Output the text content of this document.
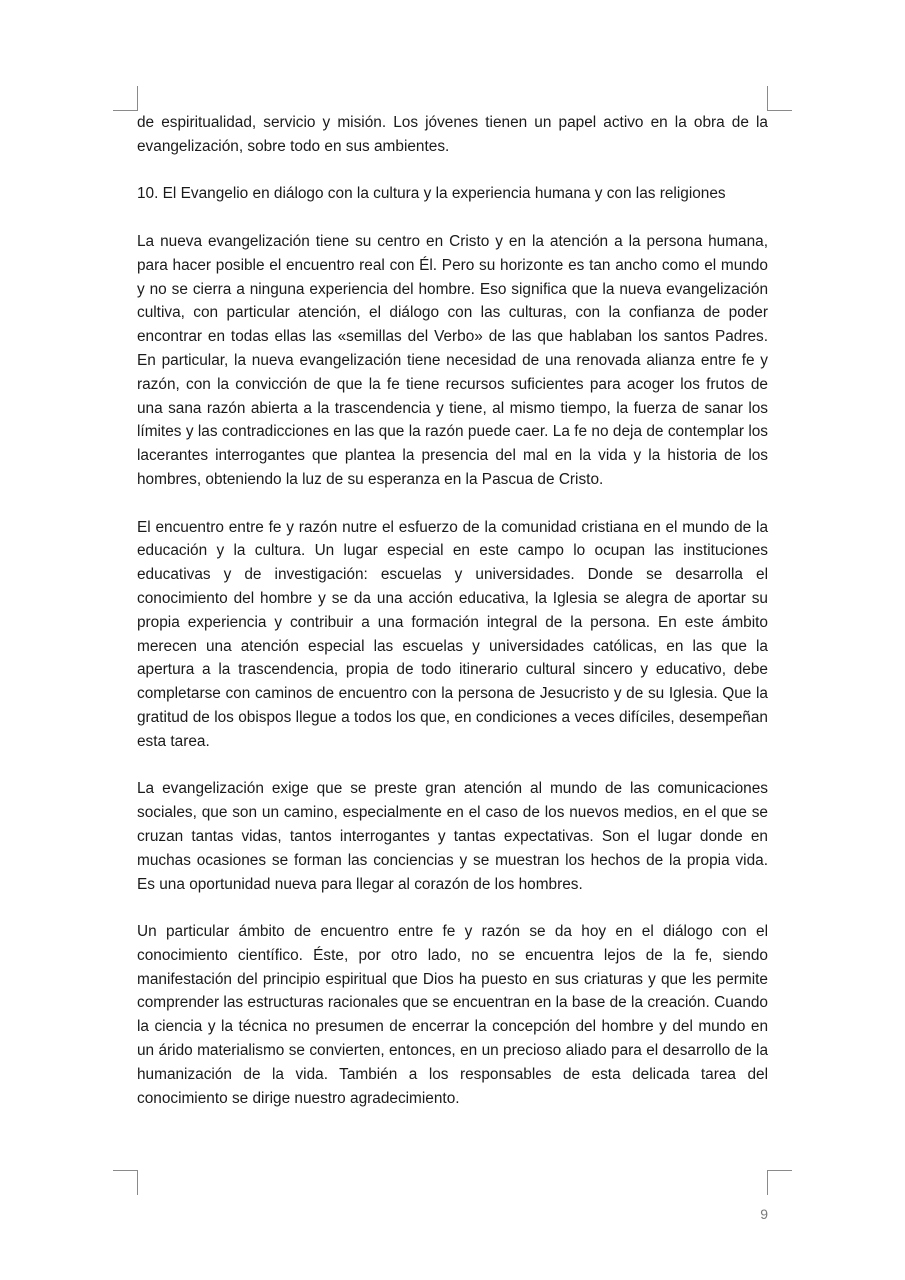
de espiritualidad, servicio y misión. Los jóvenes tienen un papel activo en la obra de la evangelización, sobre todo en sus ambientes.

10. El Evangelio en diálogo con la cultura y la experiencia humana y con las religiones

La nueva evangelización tiene su centro en Cristo y en la atención a la persona humana, para hacer posible el encuentro real con Él. Pero su horizonte es tan ancho como el mundo y no se cierra a ninguna experiencia del hombre. Eso significa que la nueva evangelización cultiva, con particular atención, el diálogo con las culturas, con la confianza de poder encontrar en todas ellas las «semillas del Verbo» de las que hablaban los santos Padres. En particular, la nueva evangelización tiene necesidad de una renovada alianza entre fe y razón, con la convicción de que la fe tiene recursos suficientes para acoger los frutos de una sana razón abierta a la trascendencia y tiene, al mismo tiempo, la fuerza de sanar los límites y las contradicciones en las que la razón puede caer. La fe no deja de contemplar los lacerantes interrogantes que plantea la presencia del mal en la vida y la historia de los hombres, obteniendo la luz de su esperanza en la Pascua de Cristo.

El encuentro entre fe y razón nutre el esfuerzo de la comunidad cristiana en el mundo de la educación y la cultura. Un lugar especial en este campo lo ocupan las instituciones educativas y de investigación: escuelas y universidades. Donde se desarrolla el conocimiento del hombre y se da una acción educativa, la Iglesia se alegra de aportar su propia experiencia y contribuir a una formación integral de la persona. En este ámbito merecen una atención especial las escuelas y universidades católicas, en las que la apertura a la trascendencia, propia de todo itinerario cultural sincero y educativo, debe completarse con caminos de encuentro con la persona de Jesucristo y de su Iglesia. Que la gratitud de los obispos llegue a todos los que, en condiciones a veces difíciles, desempeñan esta tarea.

La evangelización exige que se preste gran atención al mundo de las comunicaciones sociales, que son un camino, especialmente en el caso de los nuevos medios, en el que se cruzan tantas vidas, tantos interrogantes y tantas expectativas. Son el lugar donde en muchas ocasiones se forman las conciencias y se muestran los hechos de la propia vida. Es una oportunidad nueva para llegar al corazón de los hombres.

Un particular ámbito de encuentro entre fe y razón se da hoy en el diálogo con el conocimiento científico. Éste, por otro lado, no se encuentra lejos de la fe, siendo manifestación del principio espiritual que Dios ha puesto en sus criaturas y que les permite comprender las estructuras racionales que se encuentran en la base de la creación. Cuando la ciencia y la técnica no presumen de encerrar la concepción del hombre y del mundo en un árido materialismo se convierten, entonces, en un precioso aliado para el desarrollo de la humanización de la vida. También a los responsables de esta delicada tarea del conocimiento se dirige nuestro agradecimiento.

9
